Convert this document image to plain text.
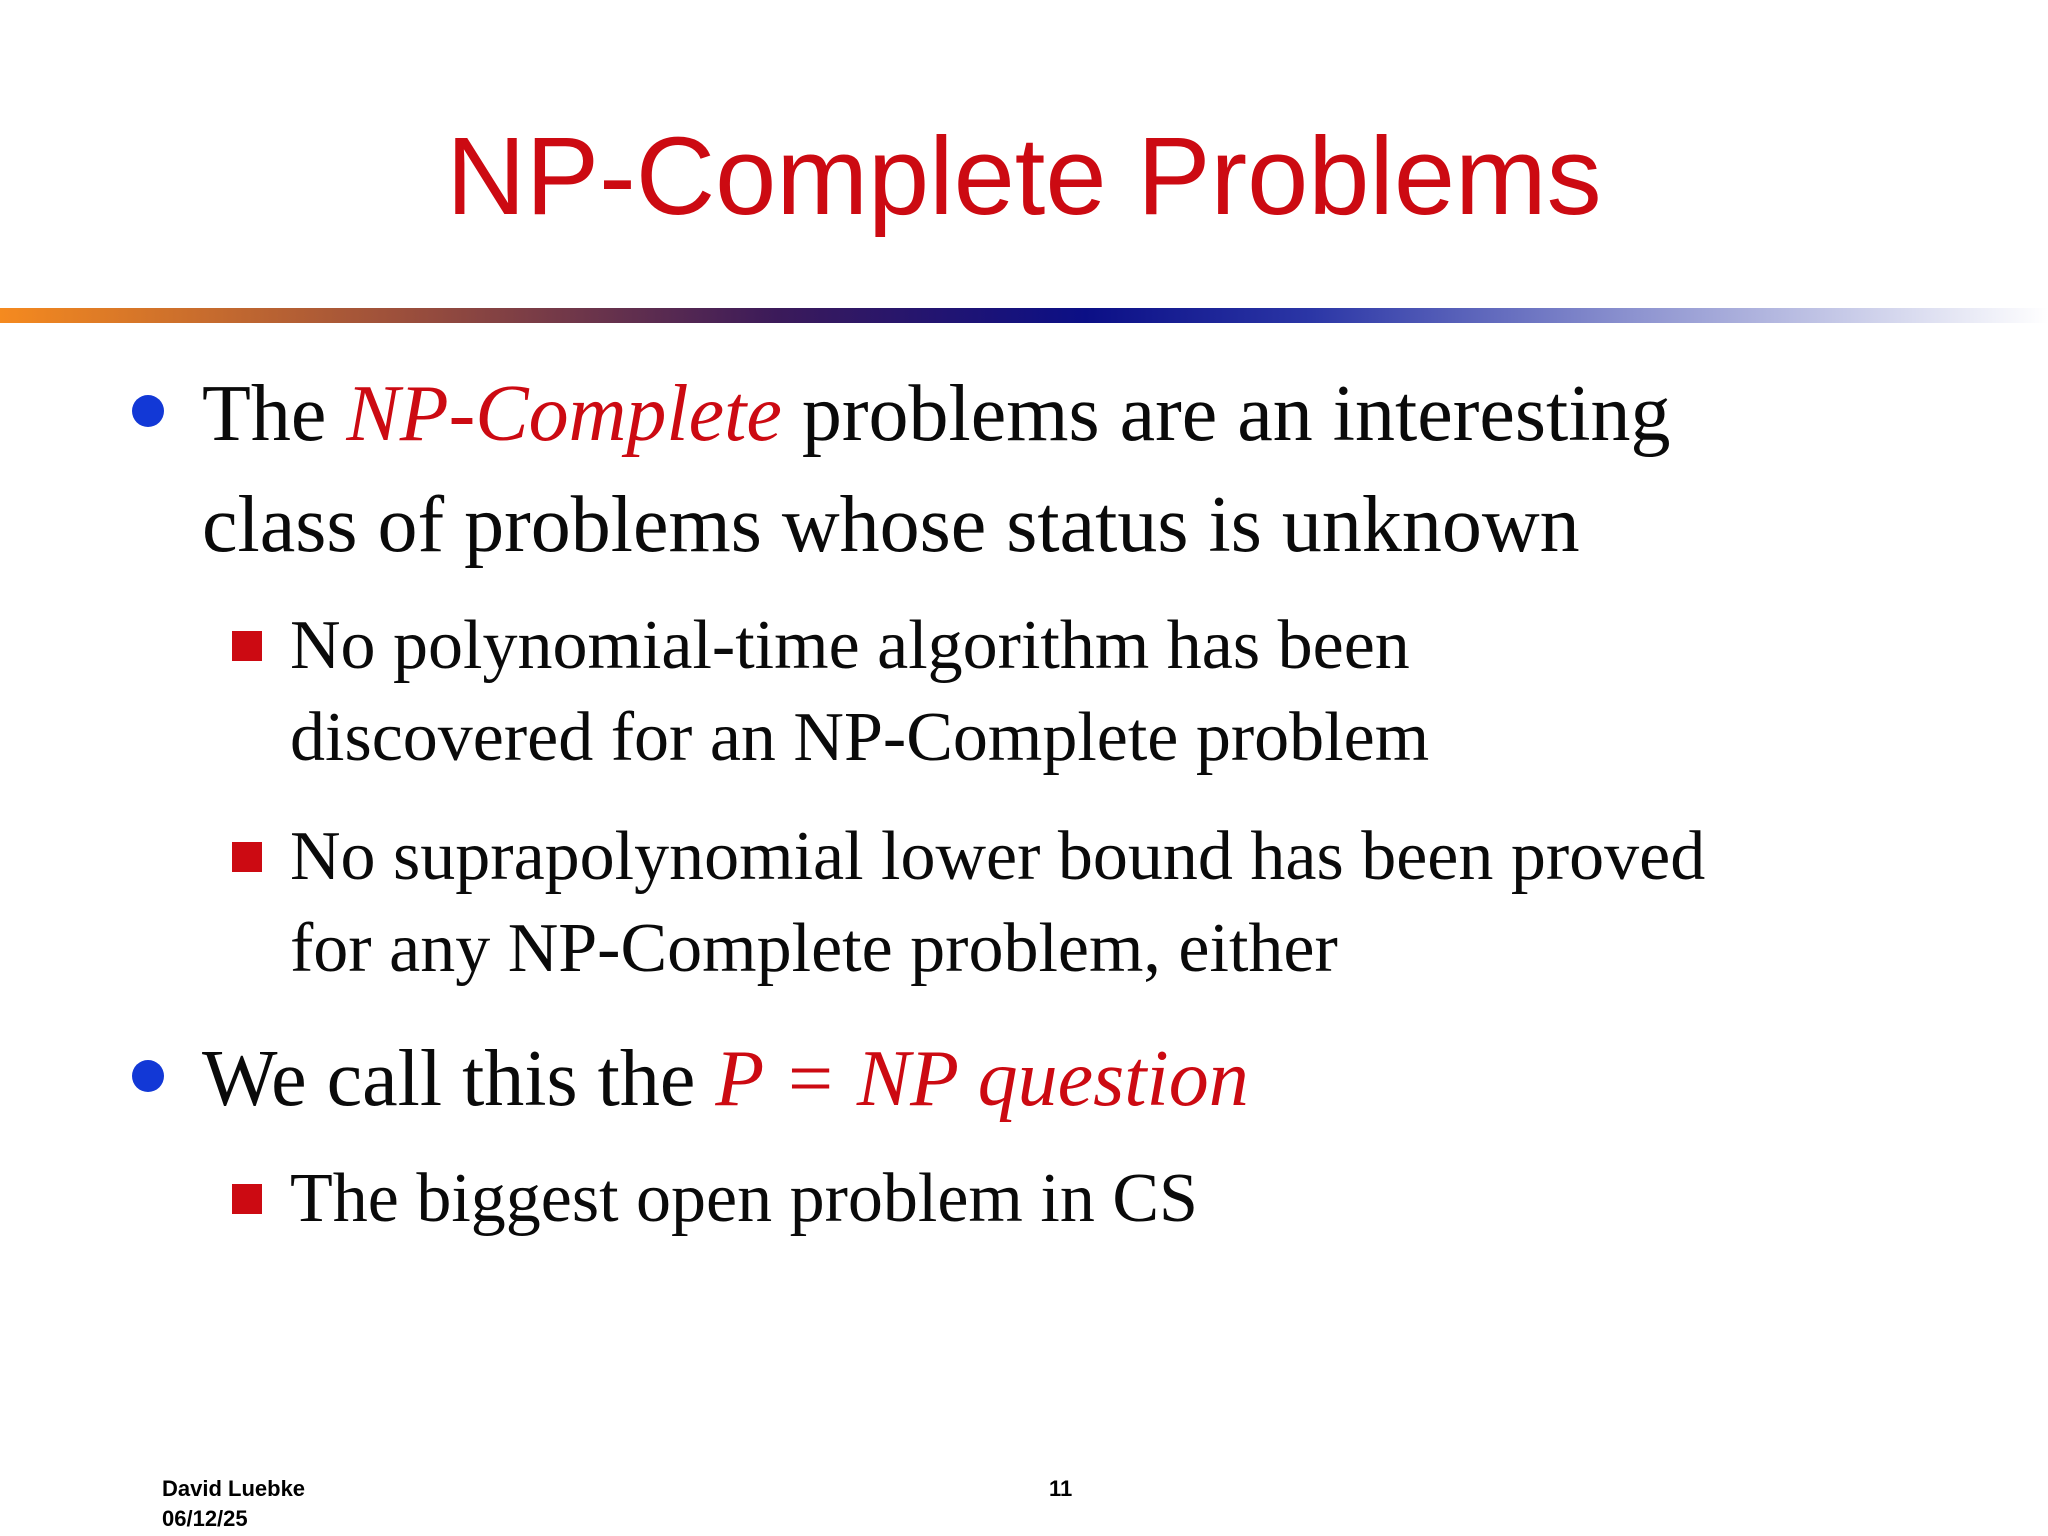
NP-Complete Problems
The NP-Complete problems are an interesting
class of problems whose status is unknown
No polynomial-time algorithm has been
discovered for an NP-Complete problem
No suprapolynomial lower bound has been proved
for any NP-Complete problem, either
We call this the P = NP question
The biggest open problem in CS
David Luebke
06/12/25
11
